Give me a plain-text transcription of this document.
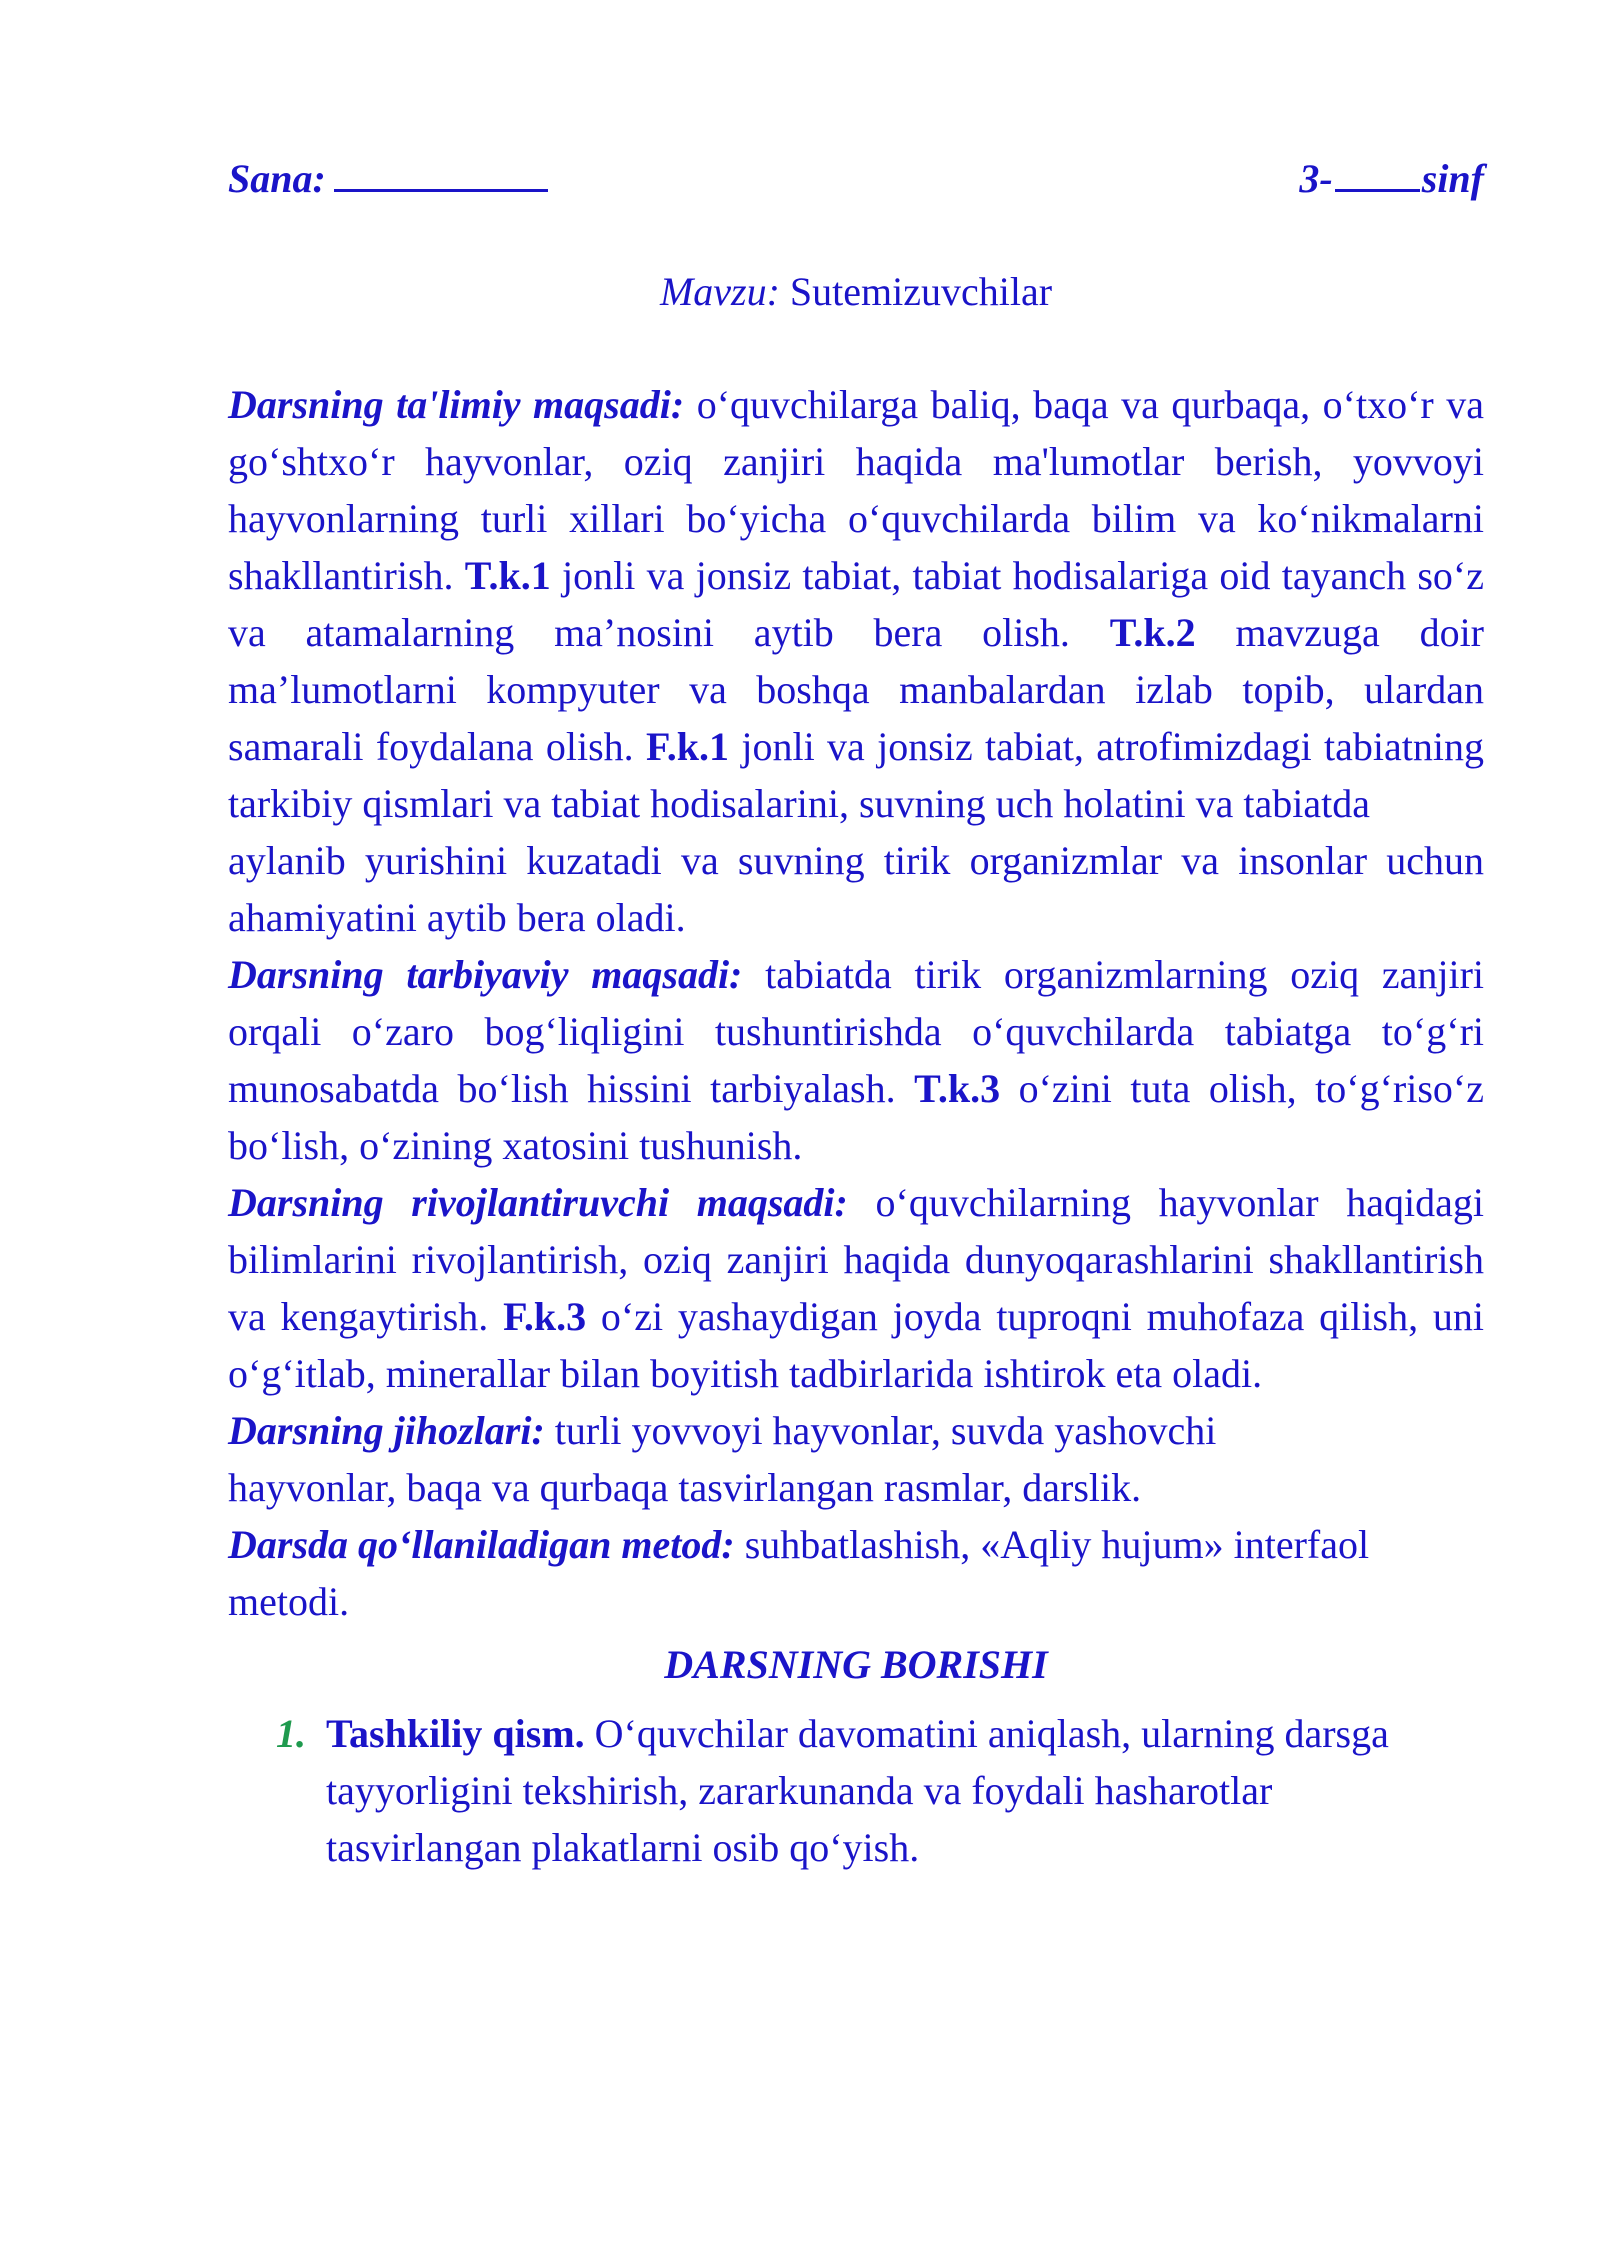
Sana:	3- sinf
Mavzu: Sutemizuvchilar

Darsning ta'limiy maqsadi: o‘quvchilarga baliq, baqa va qurbaqa, o‘txo‘r va go‘shtxo‘r hayvonlar, oziq zanjiri haqida ma'lumotlar berish, yovvoyi hayvonlarning turli xillari bo‘yicha o‘quvchilarda bilim va ko‘nikmalarni shakllantirish. T.k.1 jonli va jonsiz tabiat, tabiat hodisalariga oid tayanch so‘z va atamalarning ma’nosini aytib bera olish. T.k.2 mavzuga doir ma’lumotlarni kompyuter va boshqa manbalardan izlab topib, ulardan samarali foydalana olish. F.k.1 jonli va jonsiz tabiat, atrofimizdagi tabiatning tarkibiy qismlari va tabiat hodisalarini, suvning uch holatini va tabiatda

aylanib yurishini kuzatadi va suvning tirik organizmlar va insonlar uchun ahamiyatini aytib bera oladi.

Darsning tarbiyaviy maqsadi: tabiatda tirik organizmlarning oziq zanjiri orqali o‘zaro bog‘liqligini tushuntirishda o‘quvchilarda tabiatga to‘g‘ri munosabatda bo‘lish hissini tarbiyalash. T.k.3 o‘zini tuta olish, to‘g‘riso‘z bo‘lish, o‘zining xatosini tushunish.

Darsning rivojlantiruvchi maqsadi: o‘quvchilarning hayvonlar haqidagi bilimlarini rivojlantirish, oziq zanjiri haqida dunyoqarashlarini shakllantirish va kengaytirish. F.k.3 o‘zi yashaydigan joyda tuproqni muhofaza qilish, uni o‘g‘itlab, minerallar bilan boyitish tadbirlarida ishtirok eta oladi.

Darsning jihozlari: turli yovvoyi hayvonlar, suvda yashovchi
hayvonlar, baqa va qurbaqa tasvirlangan rasmlar, darslik.

Darsda qo‘llaniladigan metod: suhbatlashish, «Aqliy hujum» interfaol metodi.

DARSNING BORISHI
1. Tashkiliy qism. O‘quvchilar davomatini aniqlash, ularning darsga tayyorligini tekshirish, zararkunanda va foydali hasharotlar tasvirlangan plakatlarni osib qo‘yish.
